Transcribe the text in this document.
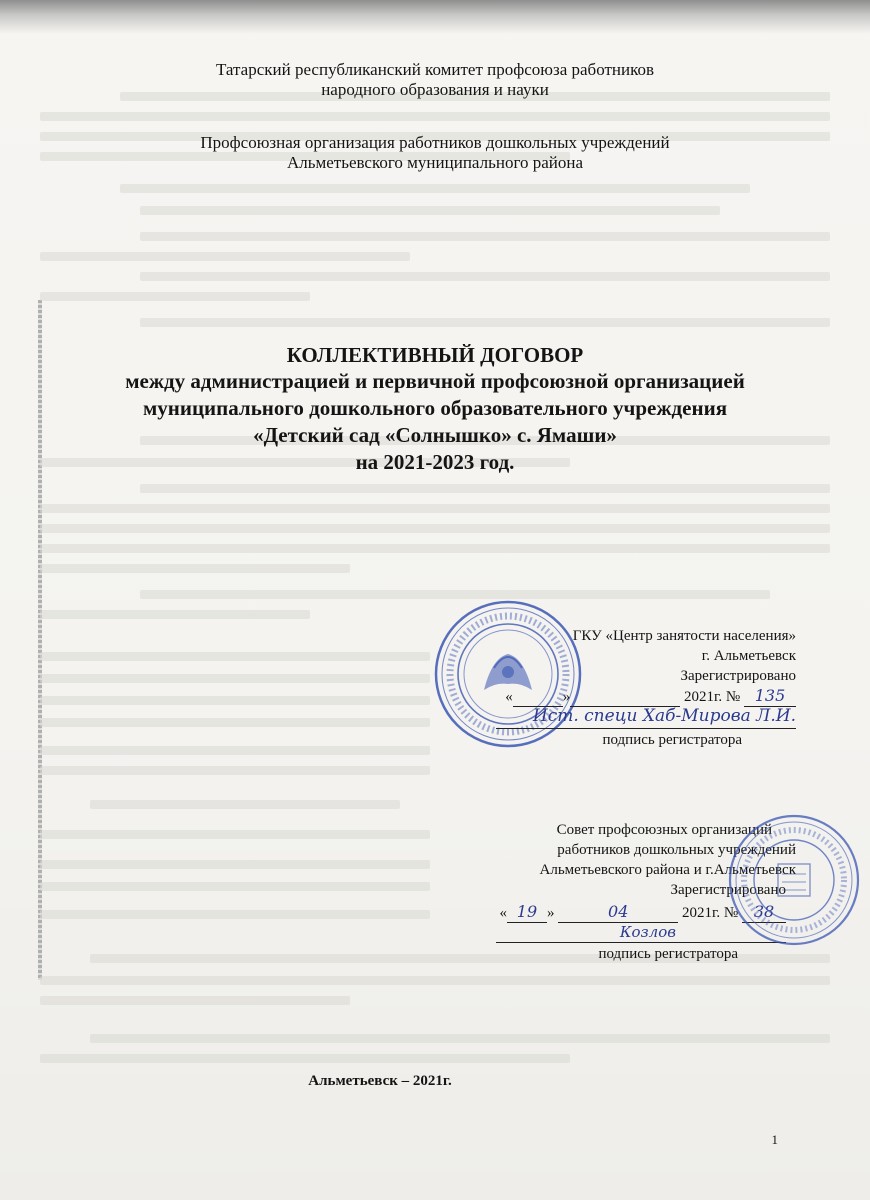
Татарский республиканский комитет профсоюза работников
народного образования и науки
Профсоюзная организация работников дошкольных учреждений
Альметьевского муниципального района
КОЛЛЕКТИВНЫЙ ДОГОВОР
между администрацией и первичной профсоюзной организацией
муниципального дошкольного образовательного учреждения
«Детский сад «Солнышко» с. Ямаши»
на 2021-2023 год.
ГКУ «Центр занятости населения»
г. Альметьевск
Зарегистрировано
«	»	2021г. № 135
Ист. специ Хаб-Мирова Л.И.
подпись регистратора
Совет профсоюзных организаций
работников дошкольных учреждений
Альметьевского района и г.Альметьевск
Зарегистрировано
« 19 »	04	2021г. № 38
Козлов
подпись регистратора
Альметьевск – 2021г.
1
